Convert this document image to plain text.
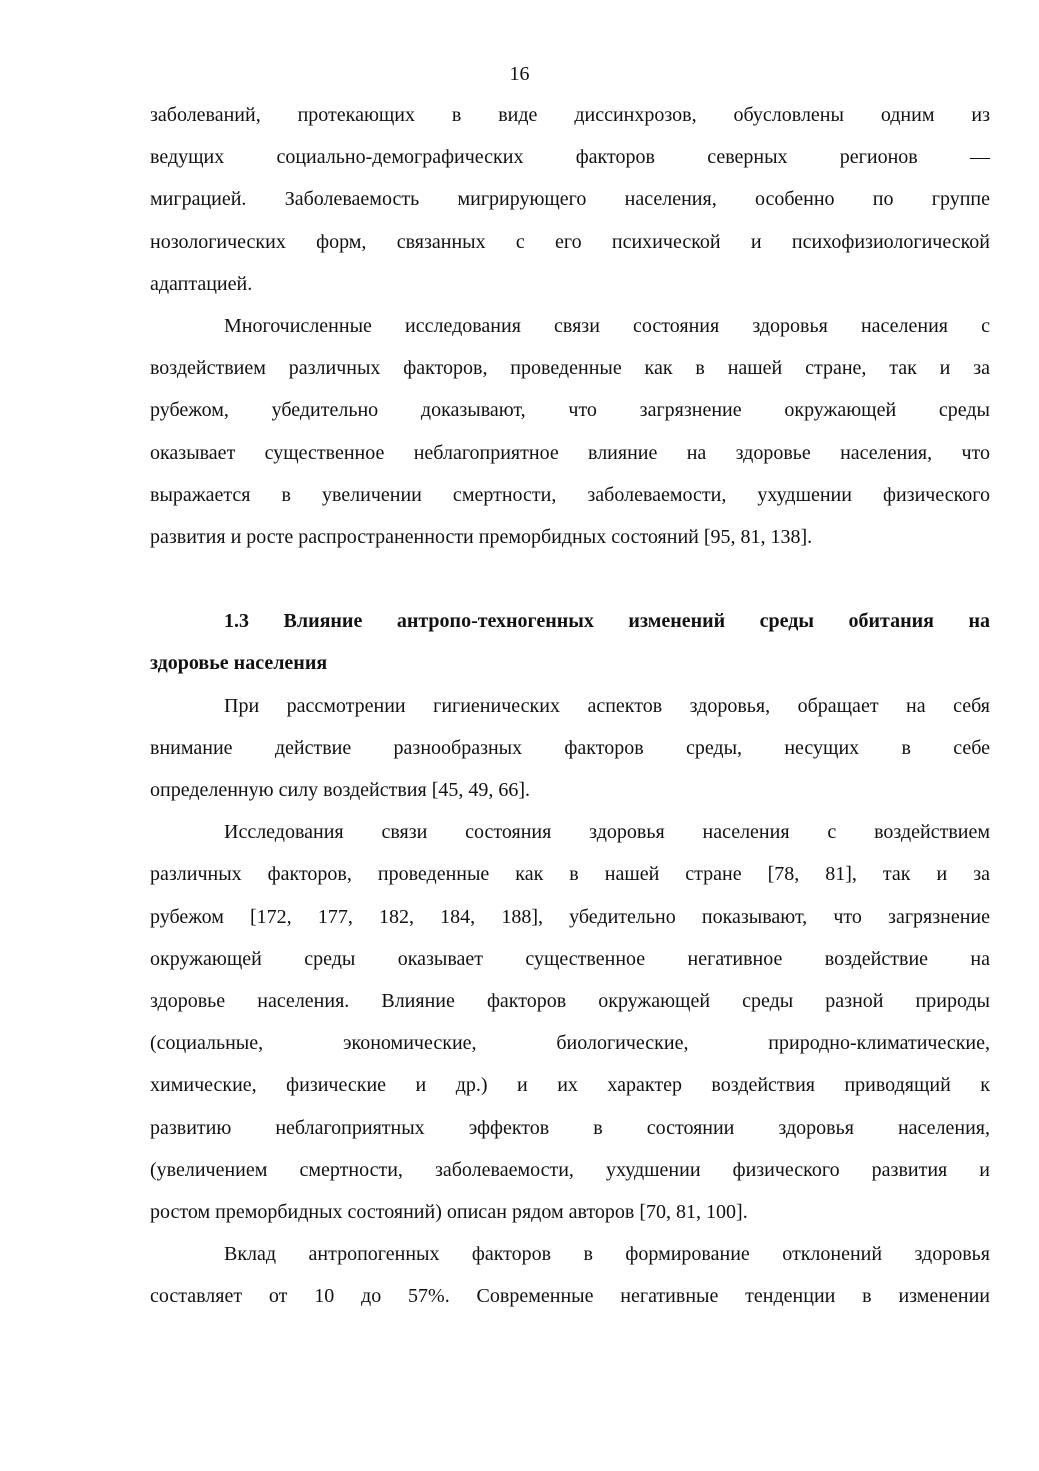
16
заболеваний, протекающих в виде диссинхрозов, обусловлены одним из
ведущих социально-демографических факторов северных регионов —
миграцией. Заболеваемость мигрирующего населения, особенно по группе
нозологических форм, связанных с его психической и психофизиологической
адаптацией.
Многочисленные исследования связи состояния здоровья населения с
воздействием различных факторов, проведенные как в нашей стране, так и за
рубежом, убедительно доказывают, что загрязнение окружающей среды
оказывает существенное неблагоприятное влияние на здоровье населения, что
выражается в увеличении смертности, заболеваемости, ухудшении физического
развития и росте распространенности преморбидных состояний [95, 81, 138].
1.3 Влияние антропо-техногенных изменений среды обитания на
здоровье населения
При рассмотрении гигиенических аспектов здоровья, обращает на себя
внимание действие разнообразных факторов среды, несущих в себе
определенную силу воздействия [45, 49, 66].
Исследования связи состояния здоровья населения с воздействием
различных факторов, проведенные как в нашей стране [78, 81], так и за
рубежом [172, 177, 182, 184, 188], убедительно показывают, что загрязнение
окружающей среды оказывает существенное негативное воздействие на
здоровье населения. Влияние факторов окружающей среды разной природы
(социальные, экономические, биологические, природно-климатические,
химические, физические и др.) и их характер воздействия приводящий к
развитию неблагоприятных эффектов в состоянии здоровья населения,
(увеличением смертности, заболеваемости, ухудшении физического развития и
ростом преморбидных состояний) описан рядом авторов [70, 81, 100].
Вклад антропогенных факторов в формирование отклонений здоровья
составляет от 10 до 57%. Современные негативные тенденции в изменении
